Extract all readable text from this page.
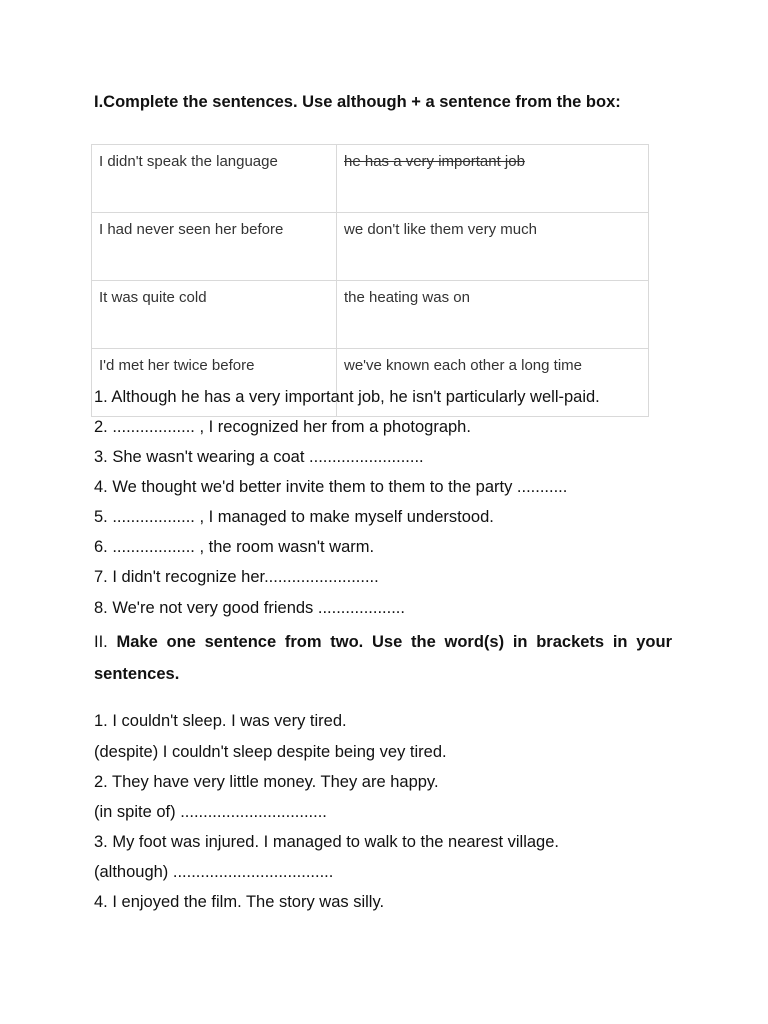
I.Complete the sentences. Use although + a sentence from the box:
I didn't speak the language	he has a very important job
I had never seen her before	we don't like them very much
It was quite cold	the heating was on
I'd met her twice before	we've known each other a long time
1. Although he has a very important job, he isn't particularly well-paid.
2. .................. , I recognized her from a photograph.
3. She wasn't wearing a coat .........................
4. We thought we'd better invite them to them to the party ...........
5. .................. , I managed to make myself understood.
6. .................. , the room wasn't warm.
7. I didn't recognize her.........................
8. We're not very good friends ...................
II. Make one sentence from two. Use the word(s) in brackets in your sentences.
1. I couldn't sleep. I was very tired.
(despite) I couldn't sleep despite being vey tired.
2. They have very little money. They are happy.
(in spite of) ................................
3. My foot was injured. I managed to walk to the nearest village.
(although) ...................................
4. I enjoyed the film. The story was silly.
